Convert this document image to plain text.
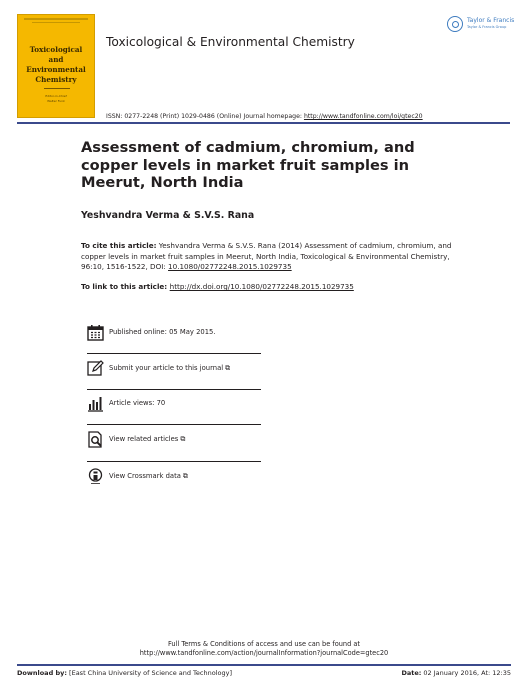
Toxicological and Environmental Chemistry
Editor-in-Chief
Walter Funk
Toxicological & Environmental Chemistry
Taylor & Francis
Taylor & Francis Group
ISSN: 0277-2248 (Print) 1029-0486 (Online) Journal homepage: http://www.tandfonline.com/loi/gtec20
Assessment of cadmium, chromium, and copper levels in market fruit samples in Meerut, North India
Yeshvandra Verma & S.V.S. Rana
To cite this article: Yeshvandra Verma & S.V.S. Rana (2014) Assessment of cadmium, chromium, and copper levels in market fruit samples in Meerut, North India, Toxicological & Environmental Chemistry, 96:10, 1516-1522, DOI: 10.1080/02772248.2015.1029735
To link to this article: http://dx.doi.org/10.1080/02772248.2015.1029735
Published online: 05 May 2015.
Submit your article to this journal ⧉
Article views: 70
View related articles ⧉
View Crossmark data ⧉
Full Terms & Conditions of access and use can be found at
http://www.tandfonline.com/action/journalInformation?journalCode=gtec20
Download by: [East China University of Science and Technology]	Date: 02 January 2016, At: 12:35
